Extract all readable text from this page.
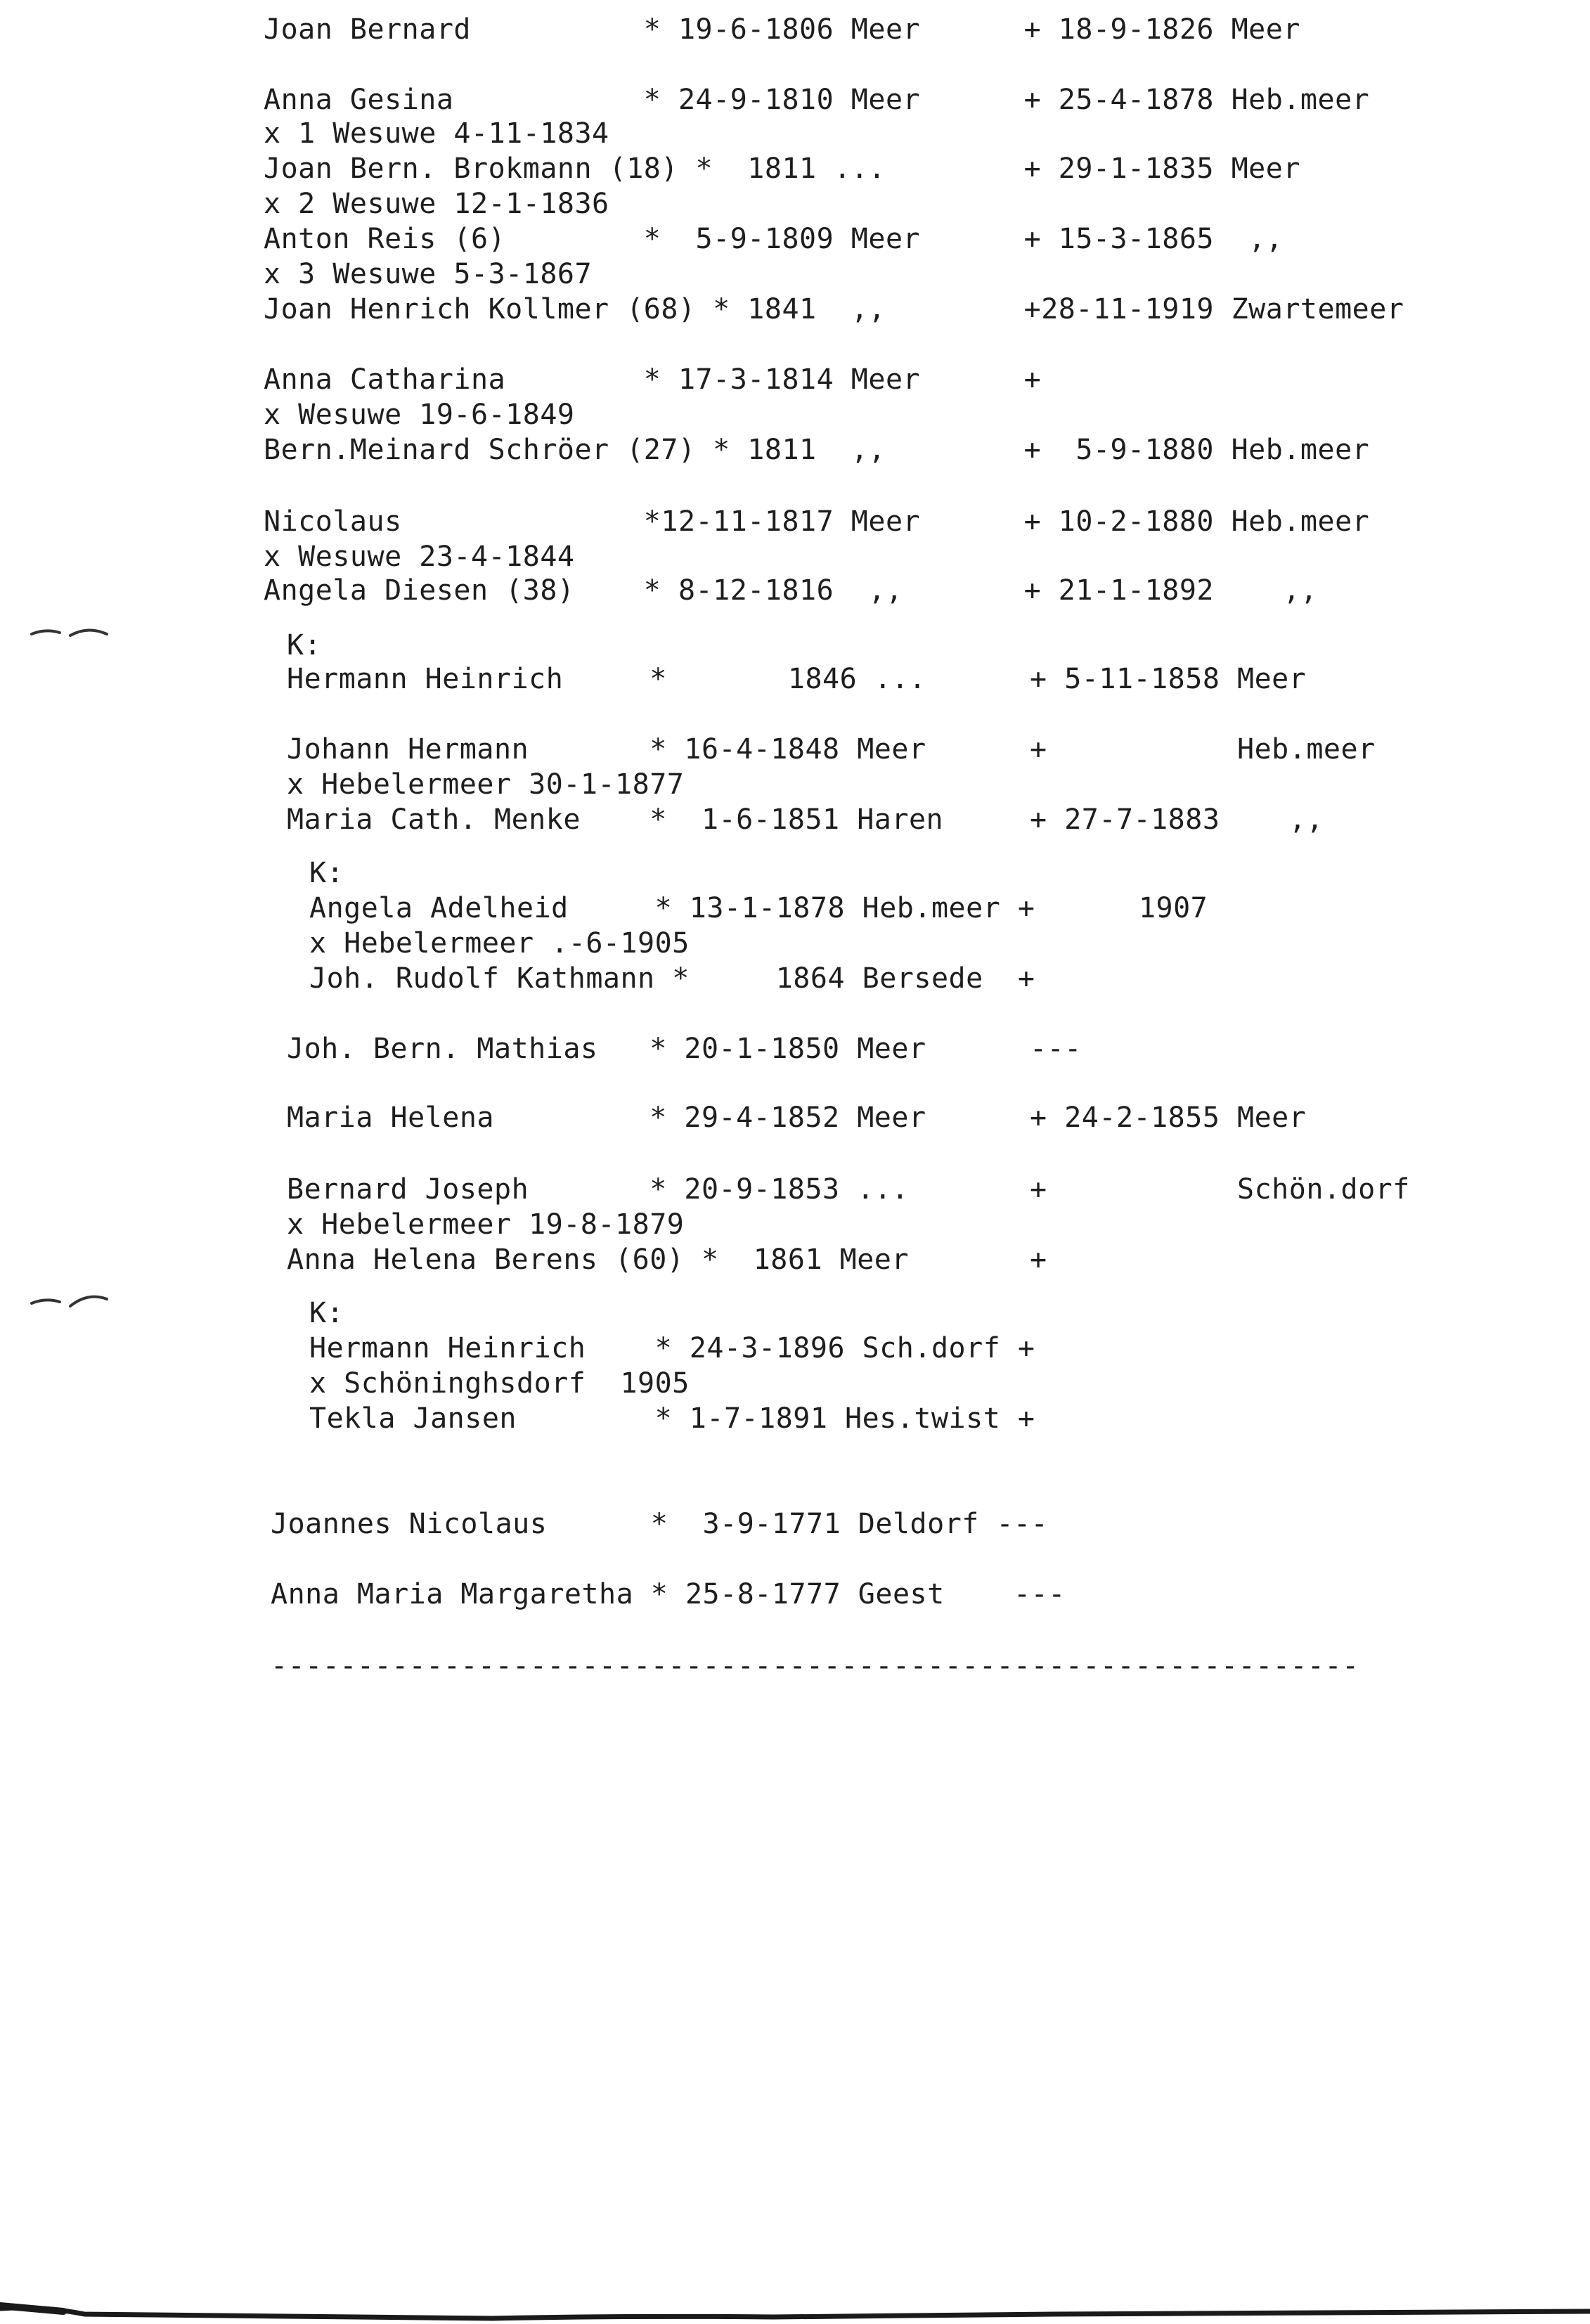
Joan Bernard          * 19-6-1806 Meer      + 18-9-1826 Meer
Anna Gesina           * 24-9-1810 Meer      + 25-4-1878 Heb.meer
x 1 Wesuwe 4-11-1834
Joan Bern. Brokmann (18) *  1811 ...        + 29-1-1835 Meer
x 2 Wesuwe 12-1-1836
Anton Reis (6)        *  5-9-1809 Meer      + 15-3-1865  ,,
x 3 Wesuwe 5-3-1867
Joan Henrich Kollmer (68) * 1841  ,,        +28-11-1919 Zwartemeer
Anna Catharina        * 17-3-1814 Meer      +
x Wesuwe 19-6-1849
Bern.Meinard Schröer (27) * 1811  ,,        +  5-9-1880 Heb.meer
Nicolaus              *12-11-1817 Meer      + 10-2-1880 Heb.meer
x Wesuwe 23-4-1844
Angela Diesen (38)    * 8-12-1816  ,,       + 21-1-1892    ,,
K:
Hermann Heinrich     *       1846 ...      + 5-11-1858 Meer
Johann Hermann       * 16-4-1848 Meer      +           Heb.meer
x Hebelermeer 30-1-1877
Maria Cath. Menke    *  1-6-1851 Haren     + 27-7-1883    ,,
K:
Angela Adelheid     * 13-1-1878 Heb.meer +      1907
x Hebelermeer .-6-1905
Joh. Rudolf Kathmann *     1864 Bersede  +
Joh. Bern. Mathias   * 20-1-1850 Meer      ---
Maria Helena         * 29-4-1852 Meer      + 24-2-1855 Meer
Bernard Joseph       * 20-9-1853 ...       +           Schön.dorf
x Hebelermeer 19-8-1879
Anna Helena Berens (60) *  1861 Meer       +
K:
Hermann Heinrich    * 24-3-1896 Sch.dorf +
x Schöninghsdorf  1905
Tekla Jansen        * 1-7-1891 Hes.twist +
Joannes Nicolaus      *  3-9-1771 Deldorf ---
Anna Maria Margaretha * 25-8-1777 Geest    ---
---------------------------------------------------------------
